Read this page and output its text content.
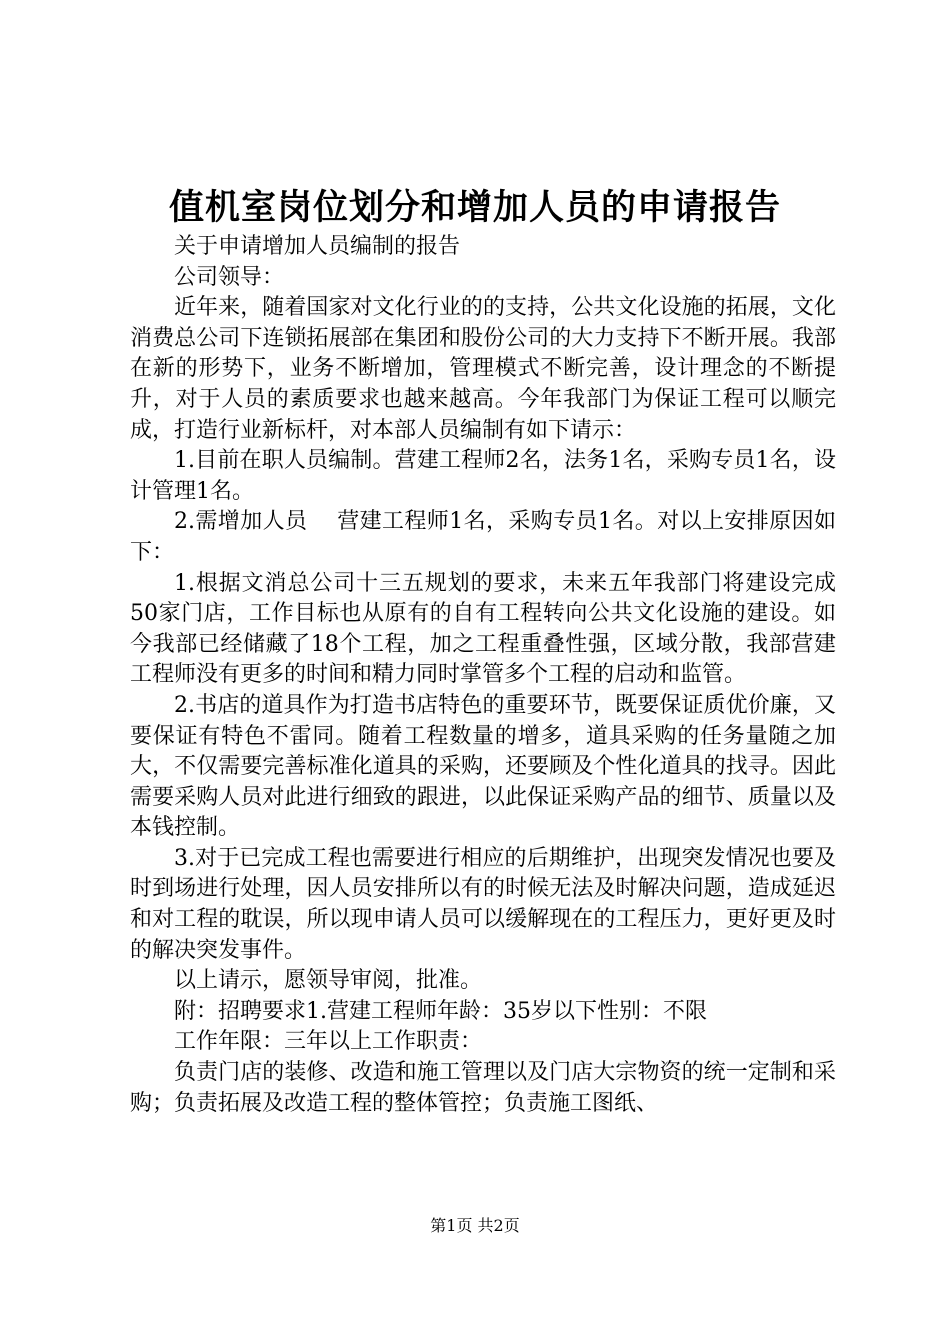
值机室岗位划分和增加人员的申请报告

关于申请增加人员编制的报告

公司领导：

近年来，随着国家对文化行业的的支持，公共文化设施的拓展，文化消费总公司下连锁拓展部在集团和股份公司的大力支持下不断开展。我部在新的形势下，业务不断增加，管理模式不断完善，设计理念的不断提升，对于人员的素质要求也越来越高。今年我部门为保证工程可以顺完成，打造行业新标杆，对本部人员编制有如下请示：

1.目前在职人员编制。营建工程师2名，法务1名，采购专员1名，设计管理1名。

2.需增加人员　 营建工程师1名，采购专员1名。对以上安排原因如下：

1.根据文消总公司十三五规划的要求，未来五年我部门将建设完成50家门店，工作目标也从原有的自有工程转向公共文化设施的建设。如今我部已经储藏了18个工程，加之工程重叠性强，区域分散，我部营建工程师没有更多的时间和精力同时掌管多个工程的启动和监管。

2.书店的道具作为打造书店特色的重要环节，既要保证质优价廉，又要保证有特色不雷同。随着工程数量的增多，道具采购的任务量随之加大，不仅需要完善标准化道具的采购，还要顾及个性化道具的找寻。因此需要采购人员对此进行细致的跟进，以此保证采购产品的细节、质量以及本钱控制。

3.对于已完成工程也需要进行相应的后期维护，出现突发情况也要及时到场进行处理，因人员安排所以有的时候无法及时解决问题，造成延迟和对工程的耽误，所以现申请人员可以缓解现在的工程压力，更好更及时的解决突发事件。

以上请示，愿领导审阅，批准。

附：招聘要求1.营建工程师年龄：35岁以下性别：不限

工作年限：三年以上工作职责：

负责门店的装修、改造和施工管理以及门店大宗物资的统一定制和采购；负责拓展及改造工程的整体管控；负责施工图纸、

第1页 共2页
